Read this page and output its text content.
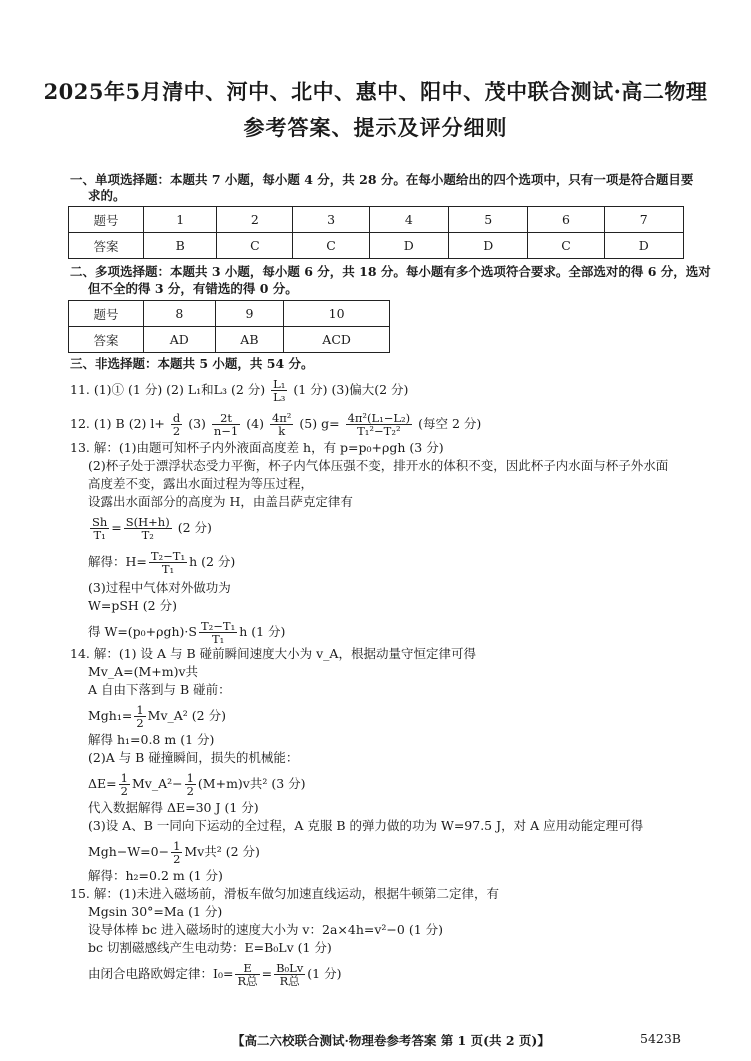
2025年5月清中、河中、北中、惠中、阳中、茂中联合测试·高二物理
参考答案、提示及评分细则
一、单项选择题：本题共 7 小题，每小题 4 分，共 28 分。在每小题给出的四个选项中，只有一项是符合题目要
求的。
题号	1	2	3	4	5	6	7
答案	B	C	C	D	D	C	D
二、多项选择题：本题共 3 小题，每小题 6 分，共 18 分。每小题有多个选项符合要求。全部选对的得 6 分，选对
但不全的得 3 分，有错选的得 0 分。
题号	8	9	10
答案	AD	AB	ACD
三、非选择题：本题共 5 小题，共 54 分。
11. (1)① (1 分) (2) L₁和L₃ (2 分) $\frac{\text{L₁}}{\text{L₃}} (1$ 分) (3)偏大(2 分)
12. (1) B (2) $l+ \frac{d}{2} (3) \frac{2t}{n-1} (4) \frac{\text{4π²}}{k} (5)$ $g= \frac{\text{4π²(L₁−L₂)}}{\text{T₁²−T₂²}}$ (每空 2 分)
13. 解：(1)由题可知杯子内外液面高度差 h，有 p=p₀+ρgh (3 分)
(2)杯子处于漂浮状态受力平衡，杯子内气体压强不变，排开水的体积不变，因此杯子内水面与杯子外水面
高度差不变，露出水面过程为等压过程，
设露出水面部分的高度为 H，由盖吕萨克定律有
$\frac{Sh}{\text{T₁}} = \frac{S(H+h)}{\text{T₂}} (2$ 分)
解得：$H= \frac{\text{T₂−T₁}}{\text{T₁}}$ h (2 分)
(3)过程中气体对外做功为
W=pSH (2 分)
得 $W=(p_0+\rho gh)\cdot S \frac{\text{T₂−T₁}}{\text{T₁}}$ h (1 分)
14. 解：(1) 设 A 与 B 碰前瞬间速度大小为 v_A，根据动量守恒定律可得
Mv_A=(M+m)v共
A 自由下落到与 B 碰前：
$Mgh_1= \frac{1}{2}$ Mv_A² (2 分)
解得 h₁=0.8 m (1 分)
(2)A 与 B 碰撞瞬间，损失的机械能：
$\Delta E= \frac{1}{2}$ Mv_A²− $\frac{1}{2} (M+m)v$共² (3 分)
代入数据解得 ΔE=30 J (1 分)
(3)设 A、B 一同向下运动的全过程，A 克服 B 的弹力做的功为 W=97.5 J，对 A 应用动能定理可得
$Mgh-W=0- \frac{1}{2}$ Mv共² (2 分)
解得：h₂=0.2 m (1 分)
15. 解：(1)未进入磁场前，滑板车做匀加速直线运动，根据牛顿第二定律，有
Mgsin 30°=Ma (1 分)
设导体棒 bc 进入磁场时的速度大小为 v：2a×4h=v²−0 (1 分)
bc 切割磁感线产生电动势：E=B₀Lv (1 分)
由闭合电路欧姆定律：$I_0= \frac{E}{\text{R总}} = \frac{\text{B₀Lv}}{\text{R总}} (1$ 分)
【高二六校联合测试·物理卷参考答案 第 1 页(共 2 页)】	5423B
